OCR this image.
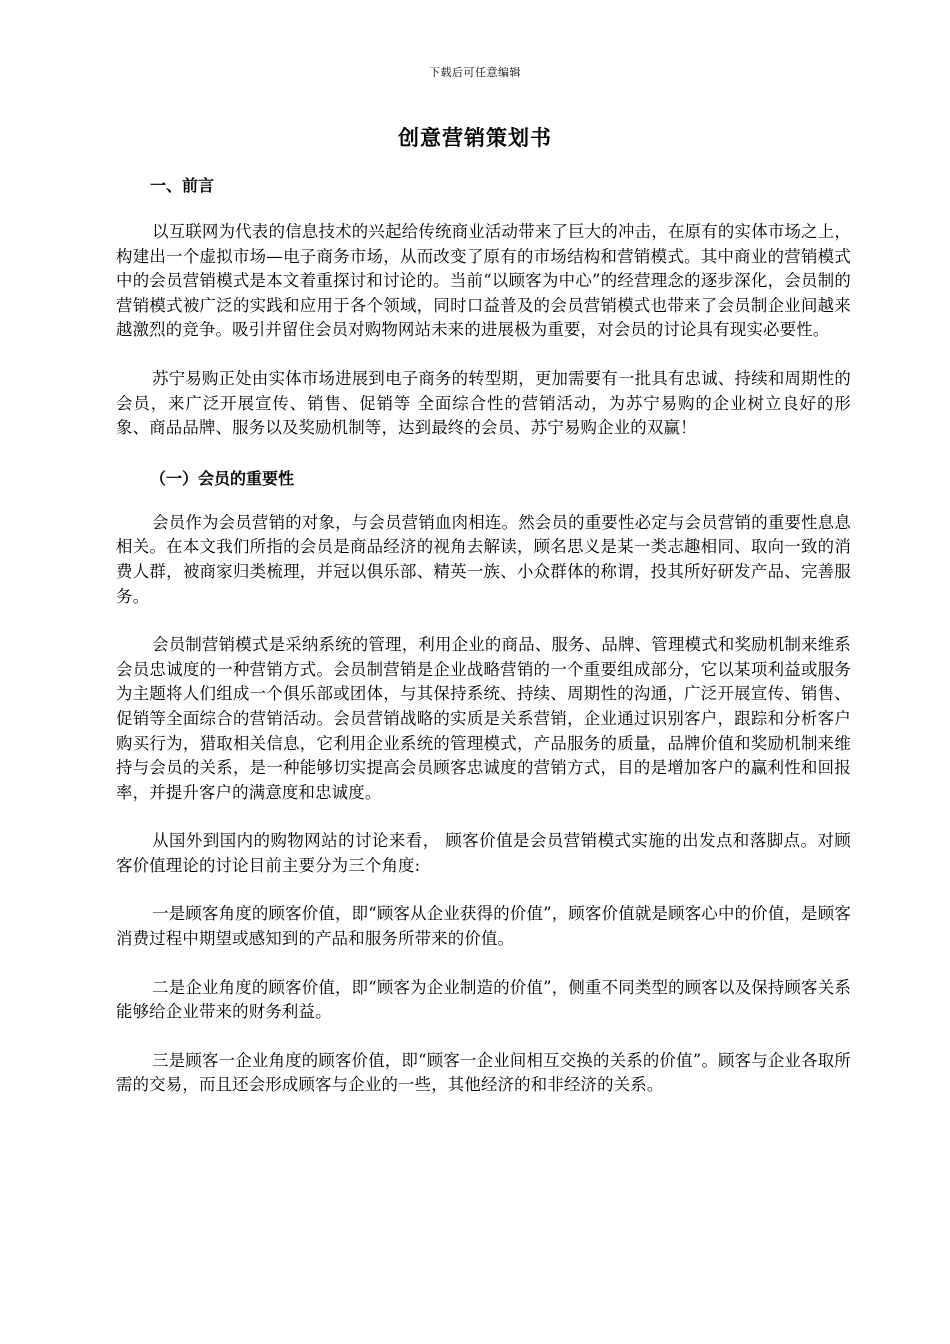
下载后可任意编辑
创意营销策划书
一、前言

以互联网为代表的信息技术的兴起给传统商业活动带来了巨大的冲击，在原有的实体市场之上，构建出一个虚拟市场—电子商务市场，从而改变了原有的市场结构和营销模式。其中商业的营销模式中的会员营销模式是本文着重探讨和讨论的。当前“以顾客为中心”的经营理念的逐步深化，会员制的营销模式被广泛的实践和应用于各个领域，同时口益普及的会员营销模式也带来了会员制企业间越来越激烈的竞争。吸引并留住会员对购物网站未来的进展极为重要，对会员的讨论具有现实必要性。

苏宁易购正处由实体市场进展到电子商务的转型期，更加需要有一批具有忠诚、持续和周期性的会员，来广泛开展宣传、销售、促销等 全面综合性的营销活动，为苏宁易购的企业树立良好的形象、商品品牌、服务以及奖励机制等，达到最终的会员、苏宁易购企业的双赢！

（一）会员的重要性

会员作为会员营销的对象，与会员营销血肉相连。然会员的重要性必定与会员营销的重要性息息相关。在本文我们所指的会员是商品经济的视角去解读，顾名思义是某一类志趣相同、取向一致的消费人群，被商家归类梳理，并冠以俱乐部、精英一族、小众群体的称谓，投其所好研发产品、完善服务。

会员制营销模式是采纳系统的管理，利用企业的商品、服务、品牌、管理模式和奖励机制来维系会员忠诚度的一种营销方式。会员制营销是企业战略营销的一个重要组成部分，它以某项利益或服务为主题将人们组成一个俱乐部或团体，与其保持系统、持续、周期性的沟通，广泛开展宣传、销售、促销等全面综合的营销活动。会员营销战略的实质是关系营销，企业通过识别客户，跟踪和分析客户购买行为，猎取相关信息，它利用企业系统的管理模式，产品服务的质量，品牌价值和奖励机制来维持与会员的关系，是一种能够切实提高会员顾客忠诚度的营销方式，目的是增加客户的赢利性和回报率，并提升客户的满意度和忠诚度。

从国外到国内的购物网站的讨论来看， 顾客价值是会员营销模式实施的出发点和落脚点。对顾客价值理论的讨论目前主要分为三个角度:

一是顾客角度的顾客价值，即“顾客从企业获得的价值”，顾客价值就是顾客心中的价值，是顾客消费过程中期望或感知到的产品和服务所带来的价值。

二是企业角度的顾客价值，即“顾客为企业制造的价值”，侧重不同类型的顾客以及保持顾客关系能够给企业带来的财务利益。

三是顾客一企业角度的顾客价值，即“顾客一企业间相互交换的关系的价值”。顾客与企业各取所需的交易，而且还会形成顾客与企业的一些，其他经济的和非经济的关系。
